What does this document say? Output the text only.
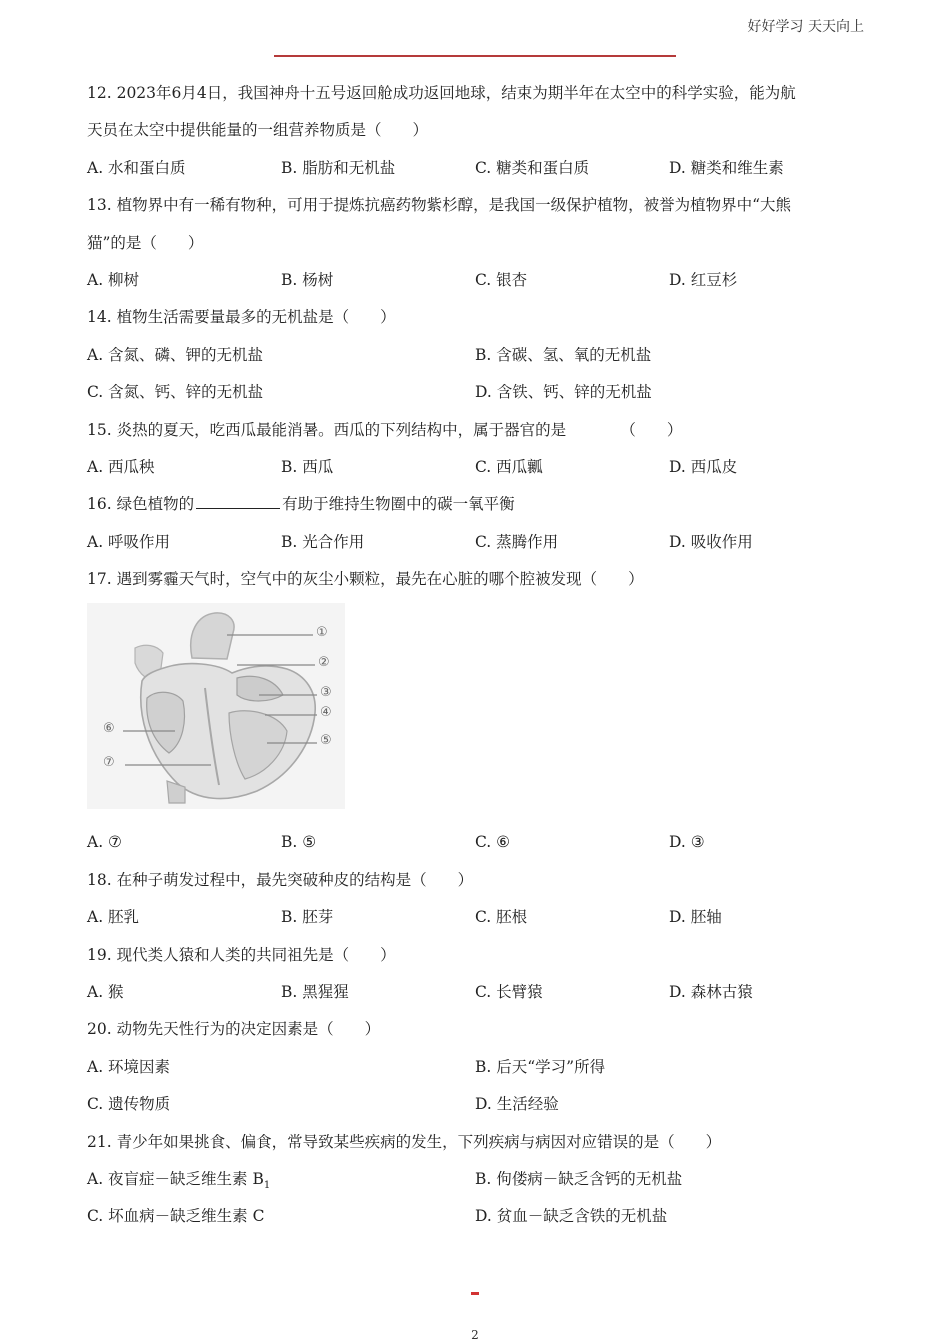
好好学习 天天向上
12. 2023年6月4日，我国神舟十五号返回舱成功返回地球，结束为期半年在太空中的科学实验，能为航
天员在太空中提供能量的一组营养物质是（　　）
A. 水和蛋白质	B. 脂肪和无机盐	C. 糖类和蛋白质	D. 糖类和维生素
13. 植物界中有一稀有物种，可用于提炼抗癌药物紫杉醇，是我国一级保护植物，被誉为植物界中“大熊
猫”的是（　　）
A. 柳树	B. 杨树	C. 银杏	D. 红豆杉
14. 植物生活需要量最多的无机盐是（　　）
A. 含氮、磷、钾的无机盐	B. 含碳、氢、氧的无机盐
C. 含氮、钙、锌的无机盐	D. 含铁、钙、锌的无机盐
15. 炎热的夏天，吃西瓜最能消暑。西瓜的下列结构中，属于器官的是　　　　（　　）
A. 西瓜秧	B. 西瓜	C. 西瓜瓤	D. 西瓜皮
16. 绿色植物的	有助于维持生物圈中的碳一氧平衡
A. 呼吸作用	B. 光合作用	C. 蒸腾作用	D. 吸收作用
17. 遇到雾霾天气时，空气中的灰尘小颗粒，最先在心脏的哪个腔被发现（　　）
①
②
③
④
⑤
⑥
⑦
A. ⑦	B. ⑤	C. ⑥	D. ③
18. 在种子萌发过程中，最先突破种皮的结构是（　　）
A. 胚乳	B. 胚芽	C. 胚根	D. 胚轴
19. 现代类人猿和人类的共同祖先是（　　）
A. 猴	B. 黑猩猩	C. 长臂猿	D. 森林古猿
20. 动物先天性行为的决定因素是（　　）
A. 环境因素	B. 后天“学习”所得
C. 遗传物质	D. 生活经验
21. 青少年如果挑食、偏食，常导致某些疾病的发生，下列疾病与病因对应错误的是（　　）
A. 夜盲症－缺乏维生素 $B_1$	B. 佝偻病－缺乏含钙的无机盐
C. 坏血病－缺乏维生素 C	D. 贫血－缺乏含铁的无机盐
2
